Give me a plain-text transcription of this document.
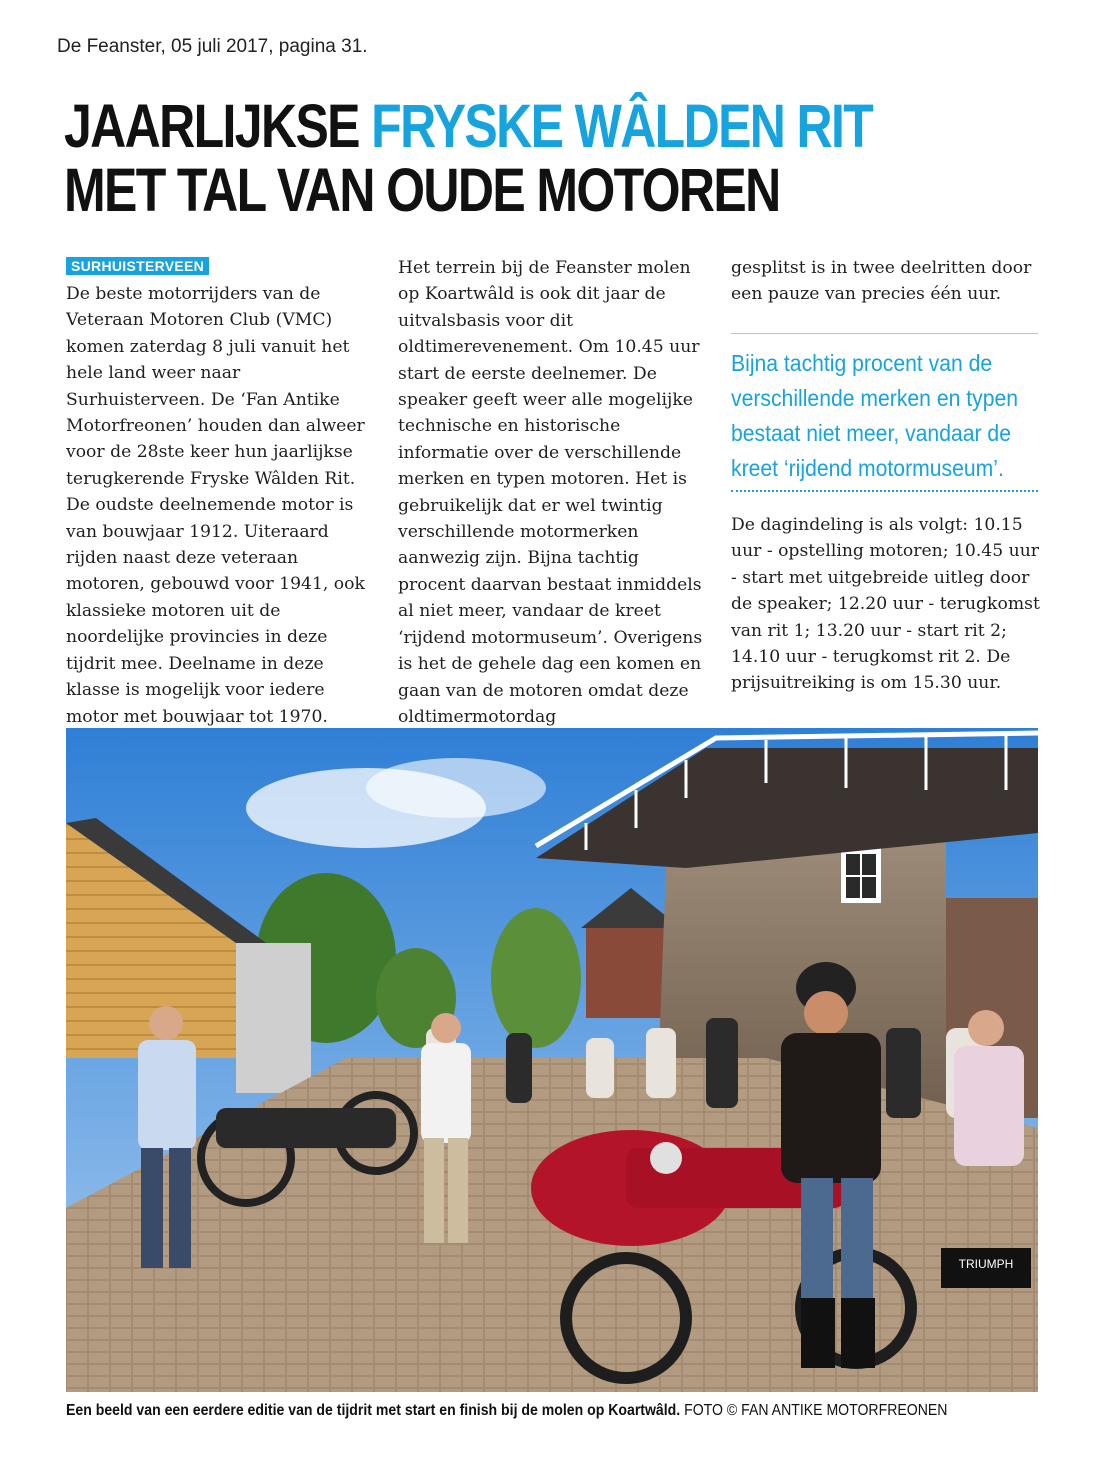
De Feanster, 05 juli 2017, pagina 31.
JAARLIJKSE FRYSKE WÂLDEN RIT
MET TAL VAN OUDE MOTOREN
SURHUISTERVEEN

De beste motorrijders van de Veteraan Motoren Club (VMC) komen zaterdag 8 juli vanuit het hele land weer naar Surhuisterveen. De ‘Fan Antike Motorfreonen’ houden dan alweer voor de 28ste keer hun jaarlijkse terugkerende Fryske Wâlden Rit. De oudste deelnemende motor is van bouwjaar 1912. Uiteraard rijden naast deze veteraan motoren, gebouwd voor 1941, ook klassieke motoren uit de noordelijke provincies in deze tijdrit mee. Deelname in deze klasse is mogelijk voor iedere motor met bouwjaar tot 1970.

Het terrein bij de Feanster molen op Koartwâld is ook dit jaar de uitvalsbasis voor dit oldtimerevenement. Om 10.45 uur start de eerste deelnemer. De speaker geeft weer alle mogelijke technische en historische informatie over de verschillende merken en typen motoren. Het is gebruikelijk dat er wel twintig verschillende motormerken aanwezig zijn. Bijna tachtig procent daarvan bestaat inmiddels al niet meer, vandaar de kreet ‘rijdend motormuseum’. Overigens is het de gehele dag een komen en gaan van de motoren omdat deze oldtimermotordag

gesplitst is in twee deelritten door een pauze van precies één uur.

Bijna tachtig procent van de verschillende merken en typen bestaat niet meer, vandaar de kreet ‘rijdend motormuseum’.

De dagindeling is als volgt: 10.15 uur - opstelling motoren; 10.45 uur - start met uitgebreide uitleg door de speaker; 12.20 uur - terugkomst van rit 1; 13.20 uur - start rit 2; 14.10 uur - terugkomst rit 2. De prijsuitreiking is om 15.30 uur.

TRIUMPH
Een beeld van een eerdere editie van de tijdrit met start en finish bij de molen op Koartwâld. FOTO © FAN ANTIKE MOTORFREONEN
